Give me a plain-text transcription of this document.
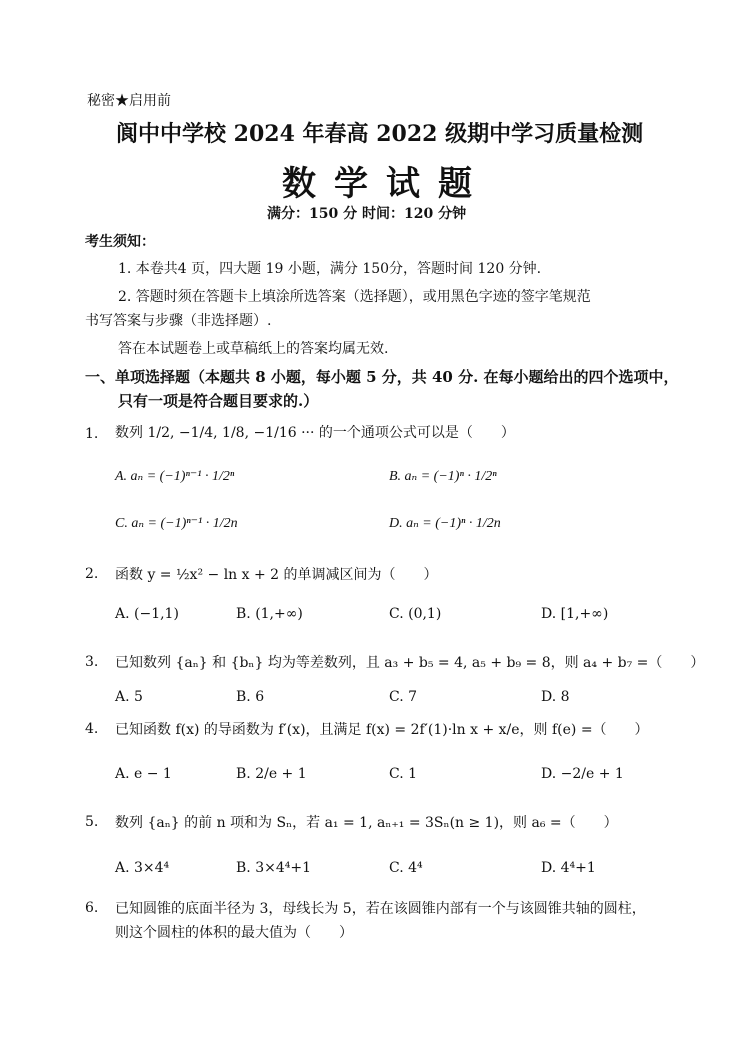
秘密★启用前
阆中中学校 2024 年春高 2022 级期中学习质量检测
数学试题
满分：150 分 时间：120 分钟
考生须知：
1. 本卷共4 页，四大题 19 小题，满分 150分，答题时间 120 分钟.
2. 答题时须在答题卡上填涂所选答案（选择题），或用黑色字迹的签字笔规范
书写答案与步骤（非选择题）.
答在本试题卷上或草稿纸上的答案均属无效.
一、单项选择题（本题共 8 小题，每小题 5 分，共 40 分. 在每小题给出的四个选项中，
只有一项是符合题目要求的.）
1. 数列 1/2, −1/4, 1/8, −1/16 ··· 的一个通项公式可以是（　　）
A. aₙ = (−1)ⁿ⁻¹ · 1/2ⁿ	B. aₙ = (−1)ⁿ · 1/2ⁿ
C. aₙ = (−1)ⁿ⁻¹ · 1/2n	D. aₙ = (−1)ⁿ · 1/2n
2. 函数 y = ½x² − ln x + 2 的单调减区间为（　　）
A. (−1,1)	B. (1,+∞)	C. (0,1)	D. [1,+∞)
3. 已知数列 {aₙ} 和 {bₙ} 均为等差数列，且 a₃ + b₅ = 4, a₅ + b₉ = 8，则 a₄ + b₇ =（　　）
A. 5	B. 6	C. 7	D. 8
4. 已知函数 f(x) 的导函数为 f′(x)，且满足 f(x) = 2f′(1)·ln x + x/e，则 f(e) =（　　）
A. e − 1	B. 2/e + 1	C. 1	D. −2/e + 1
5. 数列 {aₙ} 的前 n 项和为 Sₙ，若 a₁ = 1, aₙ₊₁ = 3Sₙ(n ≥ 1)，则 a₆ =（　　）
A. 3×4⁴	B. 3×4⁴+1	C. 4⁴	D. 4⁴+1
6. 已知圆锥的底面半径为 3，母线长为 5，若在该圆锥内部有一个与该圆锥共轴的圆柱，
则这个圆柱的体积的最大值为（　　）
